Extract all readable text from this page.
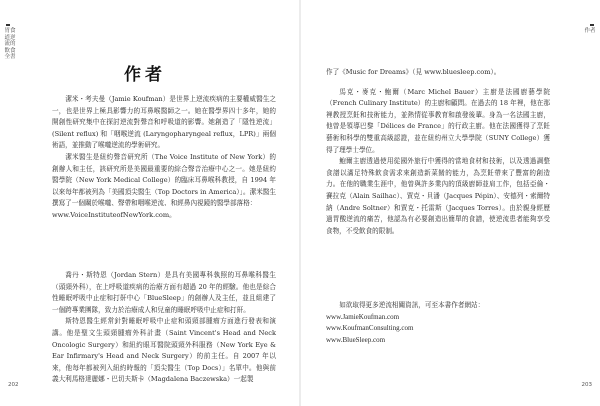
胃食道逆流的飲食全書
作者

潔米・考夫曼（Jamie Koufman）是世界上逆流疾病的主要權威醫生之一，也是世界上極具影響力的耳鼻喉醫師之一。她在醫學界四十多年，她的開創性研究集中在探討逆流對聲音和呼吸道的影響。她創造了「隱性逆流」(Silent reflux) 和「咽喉逆流 (Laryngopharyngeal reflux，LPR)」兩個術語，並推動了喉嚨逆流的學術研究。

潔米醫生是紐約聲音研究所（The Voice Institute of New York）的創辦人和主任，該研究所是美國最重要的綜合聲音治療中心之一。她是紐約醫學院（New York Medical College）的臨床耳鼻喉科教授，自 1994 年以來每年都被列為「美國頂尖醫生（Top Doctors in America）」。潔米醫生撰寫了一個關於喉嚨、聲帶和咽喉逆流、和經鼻內視鏡的醫學部落格：

www.VoiceInstituteofNewYork.com。

喬丹・斯特恩（Jordan Stern）是具有美國專科執照的耳鼻喉科醫生（頭頸外科），在上呼吸道疾病的治療方面有超過 20 年的經驗。他也是綜合性睡眠呼吸中止症和打鼾中心「BlueSleep」的創辦人及主任，並且組建了一個跨專業團隊，致力於治療成人和兒童的睡眠呼吸中止症和打鼾。

斯特恩醫生經常針對睡眠呼吸中止症和頭頸部腫瘤方面進行發表和演講。他是聖文生頭頸腫瘤外科計畫（Saint Vincent's Head and Neck Oncologic Surgery）和紐約眼耳醫院頭頸外科服務（New York Eye & Ear Infirmary's Head and Neck Surgery）的前主任。自 2007 年以來，他每年都被列入紐約時報的「頂尖醫生（Top Docs）」名單中。他與前義大利馬格達麗娜・巴切夫斯卡（Magdalena Baczewska）一起製

202
作者

作了《Music for Dreams》（見 www.bluesleep.com）。

馬克・麥克・鮑爾（Marc Michel Bauer）主廚是法國廚藝學院（French Culinary Institute）的主廚和顧問。在過去的 18 年裡，他在那裡教授烹飪和技術能力，並熱情從事教育和啟發後輩。身為一名法國主廚，他曾是領導巴黎「Délices de France」的行政主廚。他在法國獲得了烹飪藝術和科學的雙重高級認證，並在紐約州立大學學院（SUNY College）獲得了理學士學位。

鮑爾主廚透過使用從國外旅行中獲得的當地食材和技術，以及透過調整食譜以滿足特殊飲食需求來創造新菜餚的能力，為烹飪帶來了豐富的創造力。在他的職業生涯中，他曾與許多業內的頂級廚師並肩工作，包括亞倫・賽拉克（Alain Sailhac）、賈克・貝潘（Jacques Pépin）、安德列・索爾特納（Andre Soltner）和賈克・托雷斯（Jacques Torres）。由於親身經歷過胃酸逆流的痛苦，他認為有必要創造出簡單的食譜，使逆流患者能夠享受食物，不受飲食的限制。

如欲取得更多逆流相關資訊，可至本書作者網站：

www.JamieKoufman.com
www.KoufmanConsulting.com
www.BlueSleep.com
203
